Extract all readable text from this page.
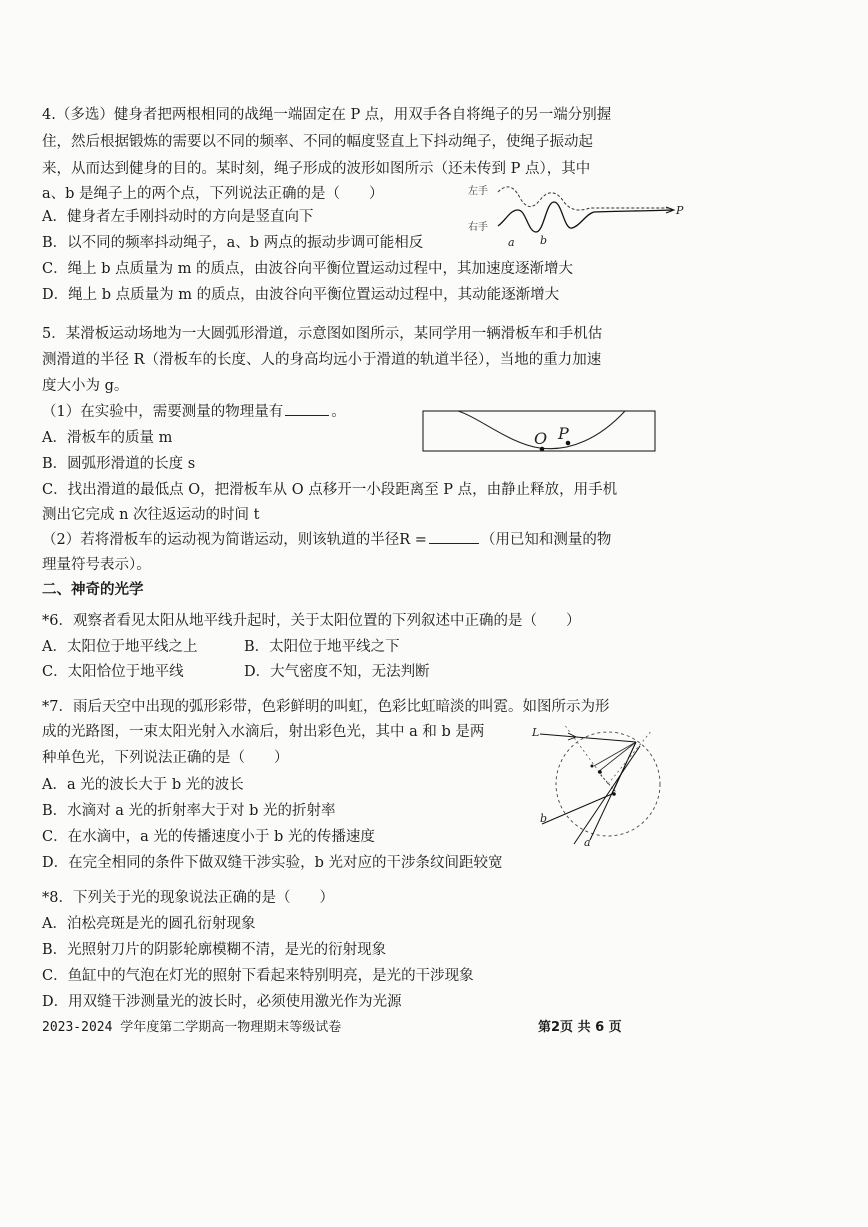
4.（多选）健身者把两根相同的战绳一端固定在 P 点，用双手各自将绳子的另一端分别握
住，然后根据锻炼的需要以不同的频率、不同的幅度竖直上下抖动绳子，使绳子振动起
来，从而达到健身的目的。某时刻，绳子形成的波形如图所示（还未传到 P 点），其中
a、b 是绳子上的两个点，下列说法正确的是（　　）
A．健身者左手刚抖动时的方向是竖直向下
B．以不同的频率抖动绳子，a、b 两点的振动步调可能相反
C．绳上 b 点质量为 m 的质点，由波谷向平衡位置运动过程中，其加速度逐渐增大
D．绳上 b 点质量为 m 的质点，由波谷向平衡位置运动过程中，其动能逐渐增大
左手
右手
a b
P
5．某滑板运动场地为一大圆弧形滑道，示意图如图所示，某同学用一辆滑板车和手机估
测滑道的半径 R（滑板车的长度、人的身高均远小于滑道的轨道半径），当地的重力加速
度大小为 g。
（1）在实验中，需要测量的物理量有	。
A．滑板车的质量 m
B．圆弧形滑道的长度 s
C．找出滑道的最低点 O，把滑板车从 O 点移开一小段距离至 P 点，由静止释放，用手机
测出它完成 n 次往返运动的时间 t
（2）若将滑板车的运动视为简谐运动，则该轨道的半径R =	（用已知和测量的物
理量符号表示）。
O P
二、神奇的光学
*6．观察者看见太阳从地平线升起时，关于太阳位置的下列叙述中正确的是（　　）
A．太阳位于地平线之上	B．太阳位于地平线之下
C．太阳恰位于地平线	D．大气密度不知，无法判断
*7．雨后天空中出现的弧形彩带，色彩鲜明的叫虹，色彩比虹暗淡的叫霓。如图所示为形
成的光路图，一束太阳光射入水滴后，射出彩色光，其中 a 和 b 是两
种单色光，下列说法正确的是（　　）
A．a 光的波长大于 b 光的波长
B．水滴对 a 光的折射率大于对 b 光的折射率
C．在水滴中，a 光的传播速度小于 b 光的传播速度
D．在完全相同的条件下做双缝干涉实验，b 光对应的干涉条纹间距较宽
L
b
a
*8．下列关于光的现象说法正确的是（　　）
A．泊松亮斑是光的圆孔衍射现象
B．光照射刀片的阴影轮廓模糊不清，是光的衍射现象
C．鱼缸中的气泡在灯光的照射下看起来特别明亮，是光的干涉现象
D．用双缝干涉测量光的波长时，必须使用激光作为光源
2023-2024 学年度第二学期高一物理期末等级试卷	第2页 共 6 页
